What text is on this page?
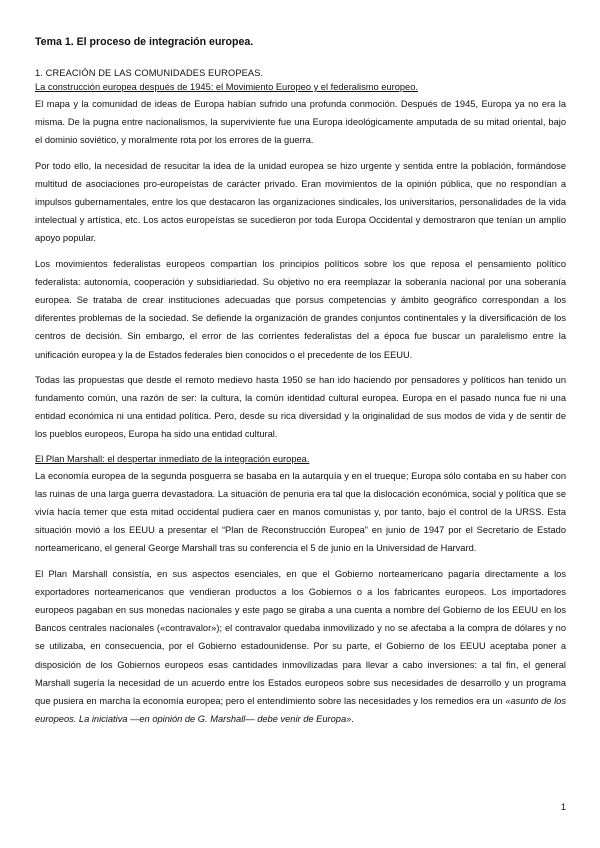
Tema 1. El proceso de integración europea.
1. CREACIÓN DE LAS COMUNIDADES EUROPEAS.
La construcción europea después de 1945: el Movimiento Europeo y el federalismo europeo.

El mapa y la comunidad de ideas de Europa habían sufrido una profunda conmoción. Después de 1945, Europa ya no era la misma. De la pugna entre nacionalismos, la superviviente fue una Europa ideológicamente amputada de su mitad oriental, bajo el dominio soviético, y moralmente rota por los errores de la guerra.

Por todo ello, la necesidad de resucitar la idea de la unidad europea se hizo urgente y sentida entre la población, formándose multitud de asociaciones pro-europeístas de carácter privado. Eran movimientos de la opinión pública, que no respondían a impulsos gubernamentales, entre los que destacaron las organizaciones sindicales, los universitarios, personalidades de la vida intelectual y artística, etc. Los actos europeístas se sucedieron por toda Europa Occidental y demostraron que tenían un amplio apoyo popular.

Los movimientos federalistas europeos compartían los principios políticos sobre los que reposa el pensamiento político federalista: autonomía, cooperación y subsidiariedad. Su objetivo no era reemplazar la soberanía nacional por una soberanía europea. Se trataba de crear instituciones adecuadas que porsus competencias y ámbito geográfico correspondan a los diferentes problemas de la sociedad. Se defiende la organización de grandes conjuntos continentales y la diversificación de los centros de decisión. Sin embargo, el error de las corrientes federalistas del a época fue buscar un paralelismo entre la unificación europea y la de Estados federales bien conocidos o el precedente de los EEUU.

Todas las propuestas que desde el remoto medievo hasta 1950 se han ido haciendo por pensadores y políticos han tenido un fundamento común, una razón de ser: la cultura, la común identidad cultural europea. Europa en el pasado nunca fue ni una entidad económica ni una entidad política. Pero, desde su rica diversidad y la originalidad de sus modos de vida y de sentir de los pueblos europeos, Europa ha sido una entidad cultural.

El Plan Marshall: el despertar inmediato de la integración europea.

La economía europea de la segunda posguerra se basaba en la autarquía y en el trueque; Europa sólo contaba en su haber con las ruinas de una larga guerra devastadora. La situación de penuria era tal que la dislocación económica, social y política que se vivía hacía temer que esta mitad occidental pudiera caer en manos comunistas y, por tanto, bajo el control de la URSS. Esta situación movió a los EEUU a presentar el “Plan de Reconstrucción Europea” en junio de 1947 por el Secretario de Estado norteamericano, el general George Marshall tras su conferencia el 5 de junio en la Universidad de Harvard.

El Plan Marshall consistía, en sus aspectos esenciales, en que el Gobierno norteamericano pagaría directamente a los exportadores norteamericanos que vendieran productos a los Gobiernos o a los fabricantes europeos. Los importadores europeos pagaban en sus monedas nacionales y este pago se giraba a una cuenta a nombre del Gobierno de los EEUU en los Bancos centrales nacionales («contravalor»); el contravalor quedaba inmovilizado y no se afectaba a la compra de dólares y no se utilizaba, en consecuencia, por el Gobierno estadounidense. Por su parte, el Gobierno de los EEUU aceptaba poner a disposición de los Gobiernos europeos esas cantidades inmovilizadas para llevar a cabo inversiones: a tal fin, el general Marshall sugería la necesidad de un acuerdo entre los Estados europeos sobre sus necesidades de desarrollo y un programa que pusiera en marcha la economía europea; pero el entendimiento sobre las necesidades y los remedios era un «asunto de los europeos. La iniciativa —en opinión de G. Marshall— debe venir de Europa».

1
